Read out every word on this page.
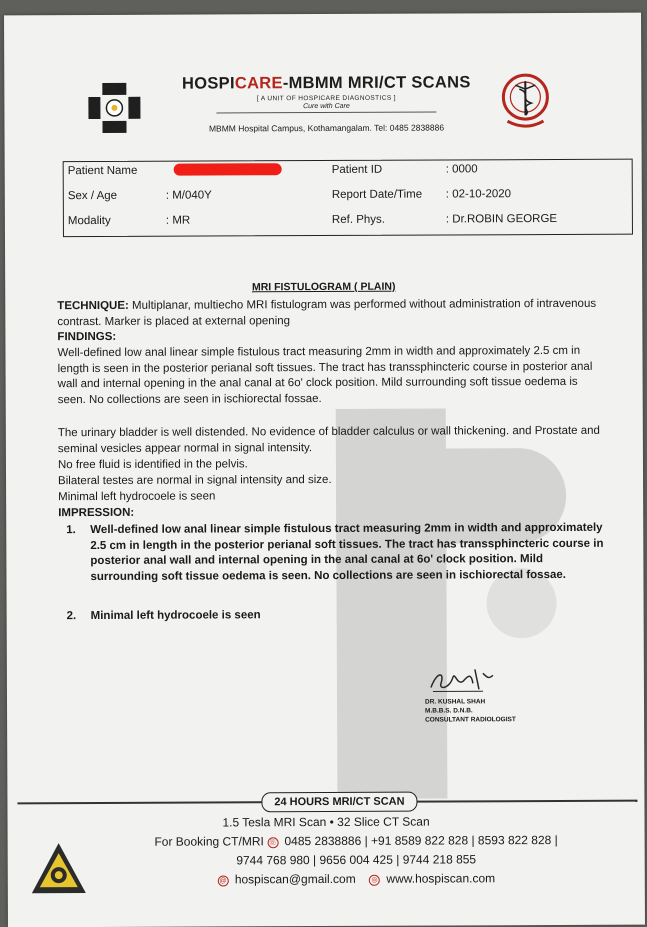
HOSPICARE-MBMM MRI/CT SCANS
[ A UNIT OF HOSPICARE DIAGNOSTICS ]
Cure with Care
MBMM Hospital Campus, Kothamangalam. Tel: 0485 2838886
Patient Name	Patient ID	: 0000
Sex / Age	: M/040Y	Report Date/Time : 02-10-2020
Modality	: MR	Ref. Phys.	: Dr.ROBIN GEORGE
MRI FISTULOGRAM ( PLAIN)
TECHNIQUE: Multiplanar, multiecho MRI fistulogram was performed without administration of intravenous contrast. Marker is placed at external opening
FINDINGS:
Well-defined low anal linear simple fistulous tract measuring 2mm in width and approximately 2.5 cm in length is seen in the posterior perianal soft tissues. The tract has transsphincteric course in posterior anal wall and internal opening in the anal canal at 6o' clock position. Mild surrounding soft tissue oedema is seen. No collections are seen in ischiorectal fossae.
The urinary bladder is well distended. No evidence of bladder calculus or wall thickening. and Prostate and seminal vesicles appear normal in signal intensity.
No free fluid is identified in the pelvis.
Bilateral testes are normal in signal intensity and size.
Minimal left hydrocoele is seen
IMPRESSION:
1. Well-defined low anal linear simple fistulous tract measuring 2mm in width and approximately 2.5 cm in length in the posterior perianal soft tissues. The tract has transsphincteric course in posterior anal wall and internal opening in the anal canal at 6o' clock position. Mild surrounding soft tissue oedema is seen. No collections are seen in ischiorectal fossae.
2. Minimal left hydrocoele is seen
DR. KUSHAL SHAH
M.B.B.S. D.N.B.
CONSULTANT RADIOLOGIST
24 HOURS MRI/CT SCAN
1.5 Tesla MRI Scan • 32 Slice CT Scan
For Booking CT/MRI ☏ 0485 2838886 | +91 8589 822 828 | 8593 822 828 |
9744 768 980 | 9656 004 425 | 9744 218 855
@ hospiscan@gmail.com ◎ www.hospiscan.com
